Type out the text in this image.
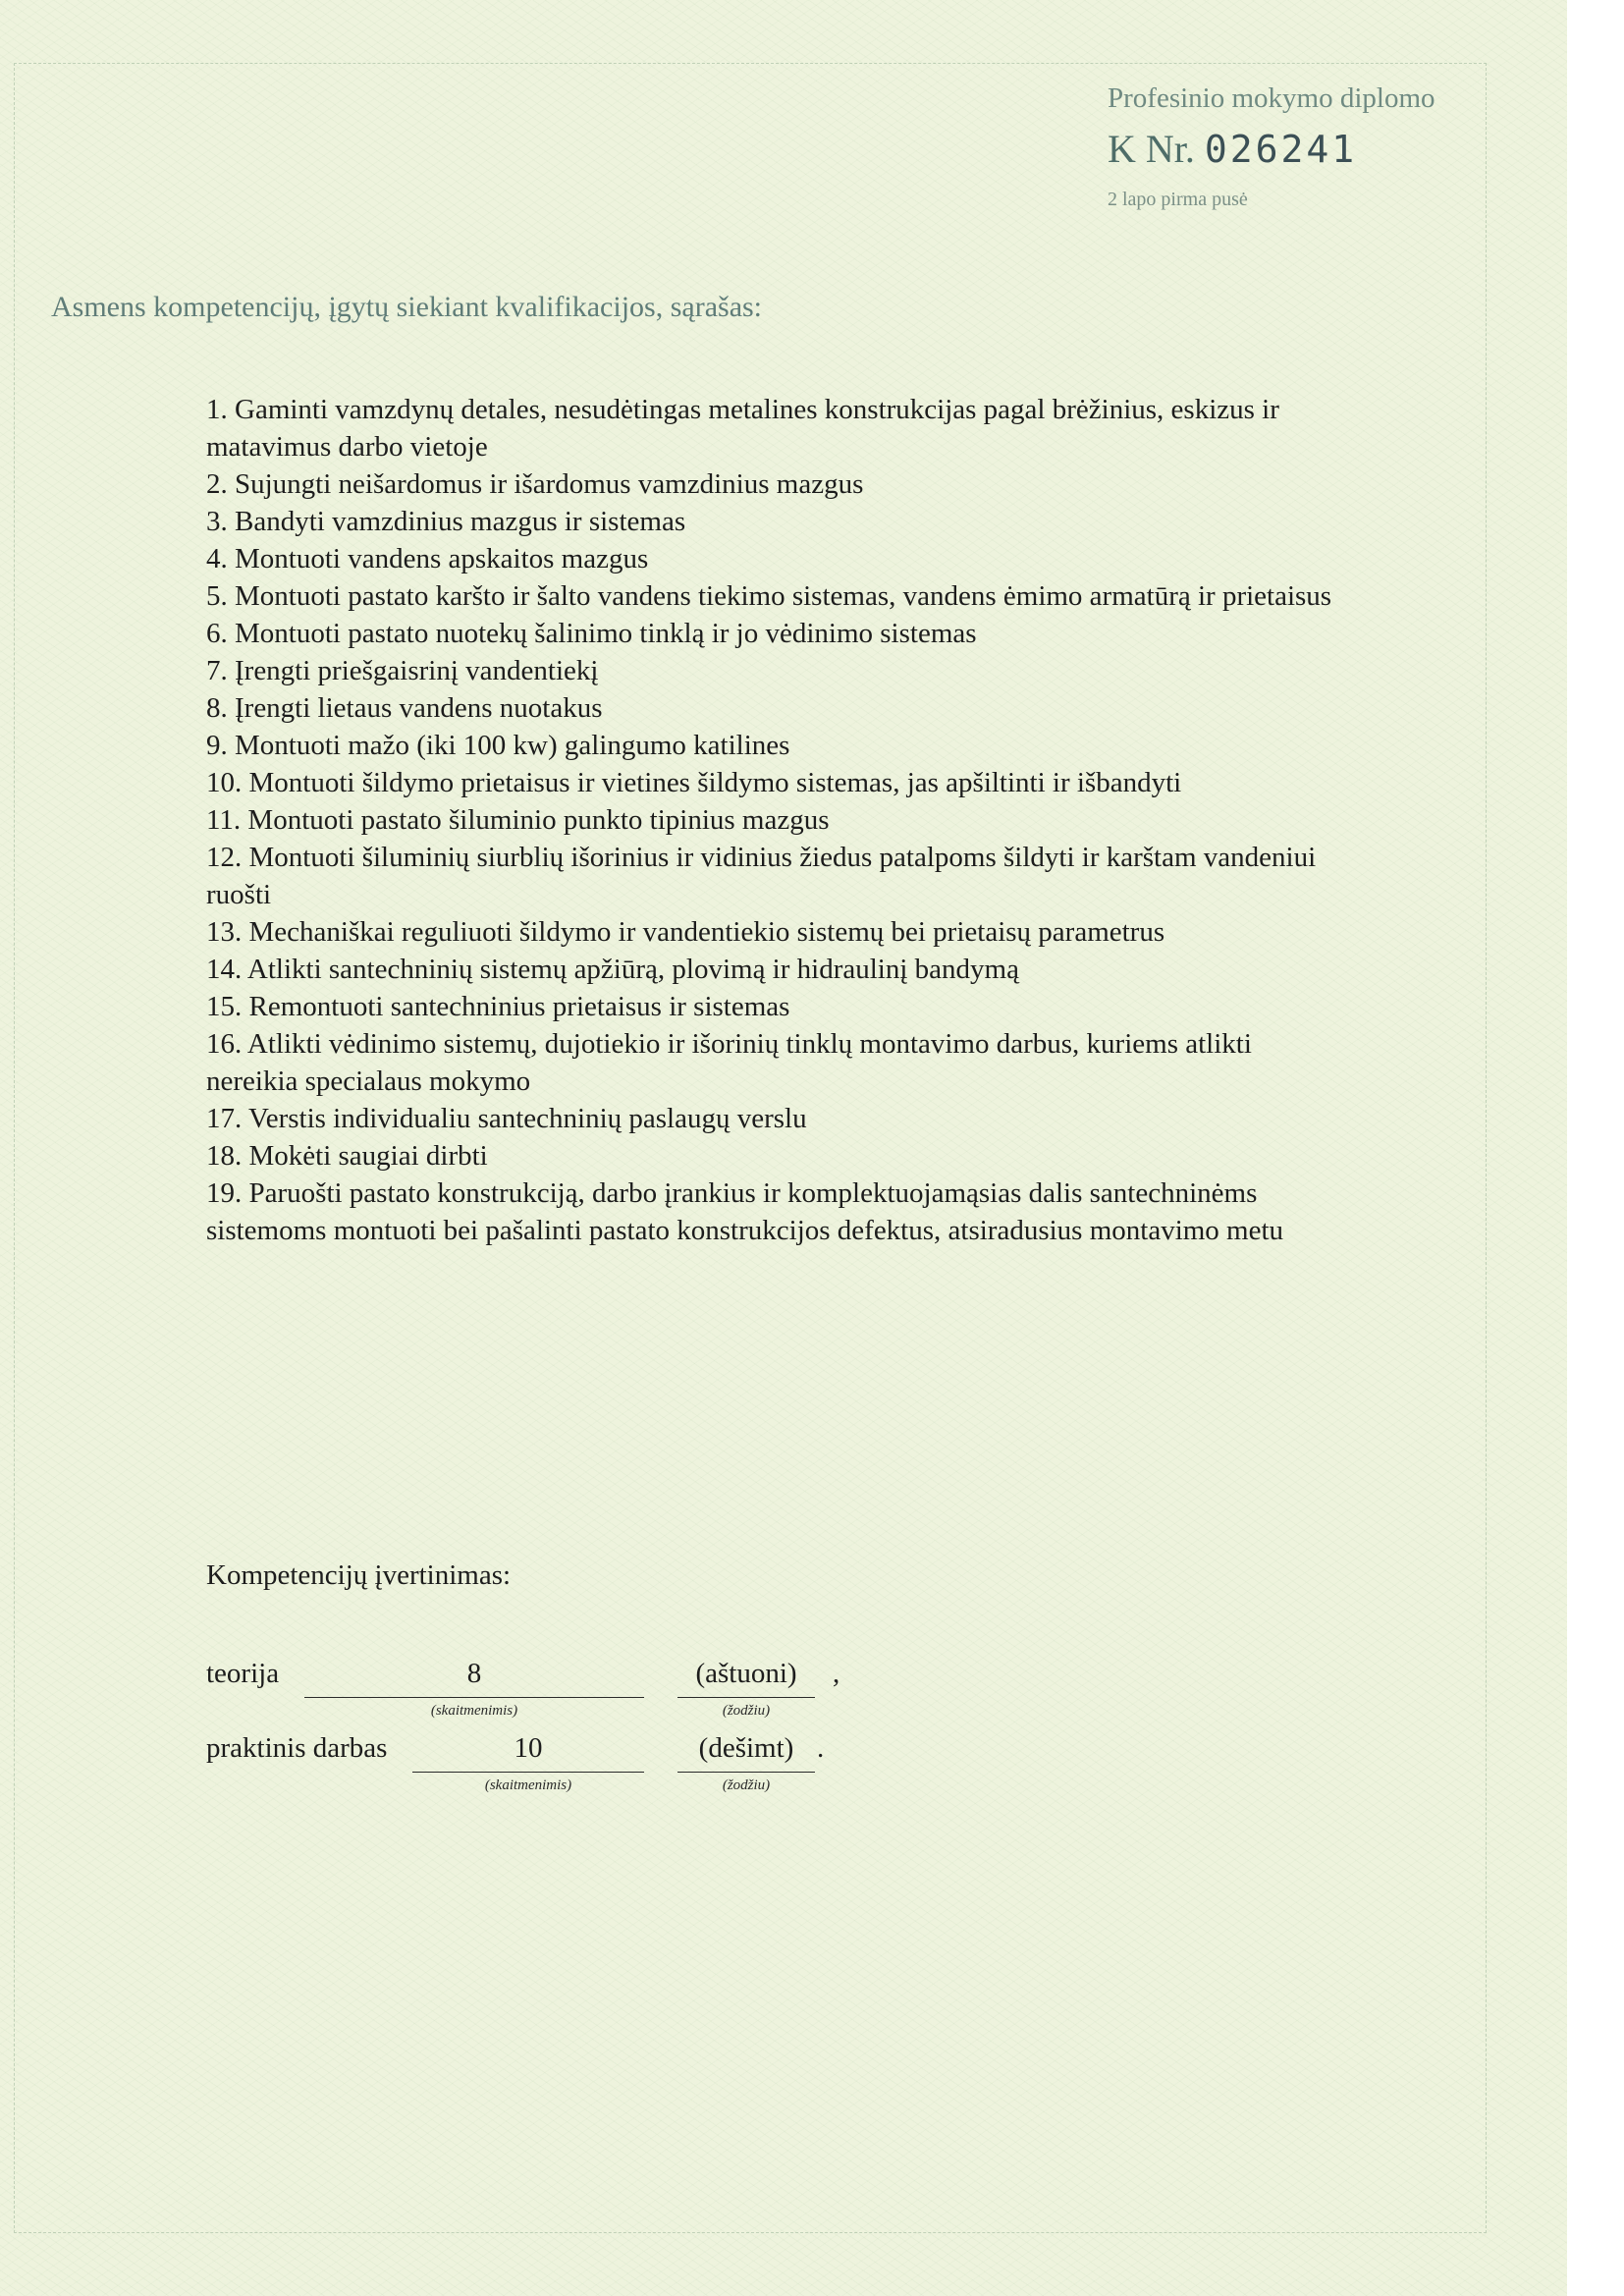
Profesinio mokymo diplomo
K Nr. 026241
2 lapo pirma pusė
Asmens kompetencijų, įgytų siekiant kvalifikacijos, sąrašas:
1. Gaminti vamzdynų detales, nesudėtingas metalines konstrukcijas pagal brėžinius, eskizus ir matavimus darbo vietoje
2. Sujungti neišardomus ir išardomus vamzdinius mazgus
3. Bandyti vamzdinius mazgus ir sistemas
4. Montuoti vandens apskaitos mazgus
5. Montuoti pastato karšto ir šalto vandens tiekimo sistemas, vandens ėmimo armatūrą ir prietaisus
6. Montuoti pastato nuotekų šalinimo tinklą ir jo vėdinimo sistemas
7. Įrengti priešgaisrinį vandentiekį
8. Įrengti lietaus vandens nuotakus
9. Montuoti mažo (iki 100 kw) galingumo katilines
10. Montuoti šildymo prietaisus ir vietines šildymo sistemas, jas apšiltinti ir išbandyti
11. Montuoti pastato šiluminio punkto tipinius mazgus
12. Montuoti šiluminių siurblių išorinius ir vidinius žiedus patalpoms šildyti ir karštam vandeniui ruošti
13. Mechaniškai reguliuoti šildymo ir vandentiekio sistemų bei prietaisų parametrus
14. Atlikti santechninių sistemų apžiūrą, plovimą ir hidraulinį bandymą
15. Remontuoti santechninius prietaisus ir sistemas
16. Atlikti vėdinimo sistemų, dujotiekio ir išorinių tinklų montavimo darbus, kuriems atlikti nereikia specialaus mokymo
17. Verstis individualiu santechninių paslaugų verslu
18. Mokėti saugiai dirbti
19. Paruošti pastato konstrukciją, darbo įrankius ir komplektuojamąsias dalis santechninėms sistemoms montuoti bei pašalinti pastato konstrukcijos defektus, atsiradusius montavimo metu
Kompetencijų įvertinimas:
teorija	8
(skaitmenimis)
(aštuoni)
(žodžiu)
,
praktinis darbas	10
(skaitmenimis)
(dešimt)
(žodžiu)
.
